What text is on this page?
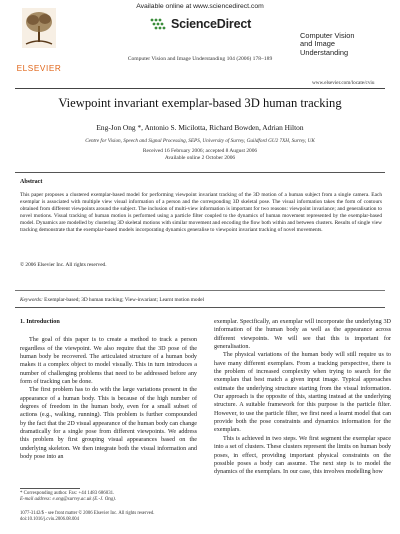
ELSEVIER
Available online at www.sciencedirect.com
ScienceDirect
Computer Vision and Image Understanding 104 (2006) 178–189
Computer Vision
and Image
Understanding
www.elsevier.com/locate/cviu
Viewpoint invariant exemplar-based 3D human tracking
Eng-Jon Ong *, Antonio S. Micilotta, Richard Bowden, Adrian Hilton
Centre for Vision, Speech and Signal Processing, SEPS, University of Surrey, Guildford GU2 7XH, Surrey, UK
Received 16 February 2006; accepted 8 August 2006
Available online 2 October 2006
Abstract
This paper proposes a clustered exemplar-based model for performing viewpoint invariant tracking of the 3D motion of a human subject from a single camera. Each exemplar is associated with multiple view visual information of a person and the corresponding 3D skeletal pose. The visual information takes the form of contours obtained from different viewpoints around the subject. The inclusion of multi-view information is important for two reasons: viewpoint invariance; and generalisation to novel motions. Visual tracking of human motion is performed using a particle filter coupled to the dynamics of human movement represented by the exemplar-based model. Dynamics are modelled by clustering 3D skeletal motions with similar movement and encoding the flow both within and between clusters. Results of single view tracking demonstrate that the exemplar-based models incorporating dynamics generalise to viewpoint invariant tracking of novel movements.
© 2006 Elsevier Inc. All rights reserved.
Keywords: Exemplar-based; 3D human tracking; View-invariant; Learnt motion model
1. Introduction

The goal of this paper is to create a method to track a person regardless of the viewpoint. We also require that the 3D pose of the human body be recovered. The articulated structure of a human body makes it a complex object to model visually. This in turn introduces a number of challenging problems that need to be addressed before any form of tracking can be done.

The first problem has to do with the large variations present in the appearance of a human body. This is because of the high number of degrees of freedom in the human body, even for a small subset of actions (e.g., walking, running). This problem is further compounded by the fact that the 2D visual appearance of the human body can change dramatically for a single pose from different viewpoints. We address this problem by first grouping visual appearances based on the underlying skeleton. We then integrate both the visual information and body pose into an

exemplar. Specifically, an exemplar will incorporate the underlying 3D information of the human body as well as the appearance across different viewpoints. We will see that this is important for generalisation.

The physical variations of the human body will still require us to have many different exemplars. From a tracking perspective, there is the problem of increased complexity when trying to search for the exemplars that best match a given input image. Typical approaches estimate the underlying structure starting from the visual information. Our approach is the opposite of this, starting instead at the underlying structure. A suitable framework for this purpose is the particle filter. However, to use the particle filter, we first need a learnt model that can provide both the pose constraints and dynamics information for the exemplars.

This is achieved in two steps. We first segment the exemplar space into a set of clusters. These clusters represent the limits on human body poses, in effect, providing important physical constraints on the possible poses a body can assume. The next step is to model the dynamics of the exemplars. In our case, this involves modelling how

* Corresponding author. Fax: +44 1483 686031.
E-mail address: e.ong@surrey.ac.uk (E.-J. Ong).
1077-3142/$ - see front matter © 2006 Elsevier Inc. All rights reserved.
doi:10.1016/j.cviu.2006.08.004
